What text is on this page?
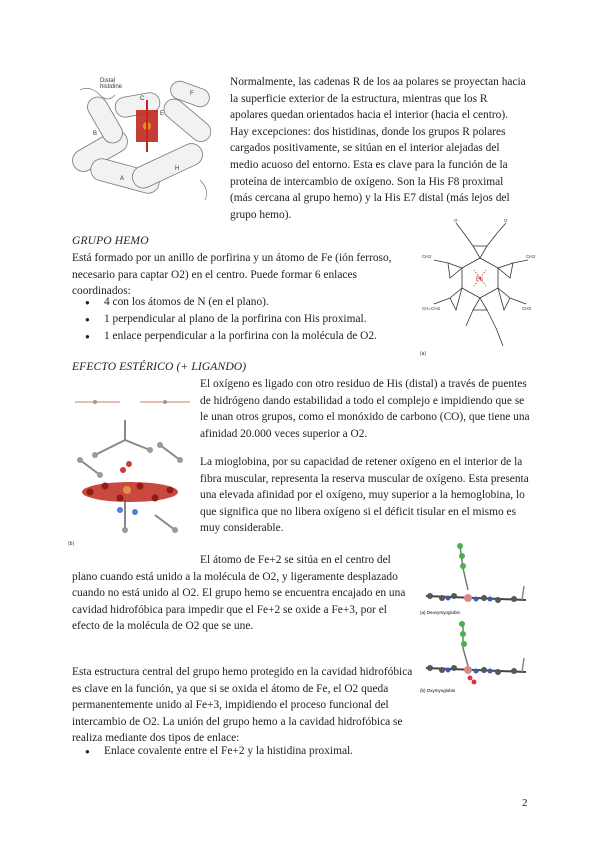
B
A
H
E
F
C
Distal
histidine	Normalmente, las cadenas R de los aa polares se proyectan hacia la superficie exterior de la estructura, mientras que los R apolares quedan orientados hacia el interior (hacia el centro). Hay excepciones: dos histidinas, donde los grupos R polares cargados positivamente, se sitúan en el interior alejadas del medio acuoso del entorno. Esta es clave para la función de la proteína de intercambio de oxígeno. Son la His F8 proximal (más cercana al grupo hemo) y la His E7 distal (más lejos del grupo hemo).

Fe
O	O
CH3
CH3
CH3
CH=CH2
(a)

GRUPO HEMO

Está formado por un anillo de porfirina y un átomo de Fe (ión ferroso, necesario para captar O2) en el centro. Puede formar 6 enlaces coordinados:

● 4 con los átomos de N (en el plano).
● 1 perpendicular al plano de la porfirina con His proximal.
● 1 enlace perpendicular a la porfirina con la molécula de O2.

EFECTO ESTÉRICO (+ LIGANDO)

(b)

El oxígeno es ligado con otro residuo de His (distal) a través de puentes de hidrógeno dando estabilidad a todo el complejo e impidiendo que se le unan otros grupos, como el monóxido de carbono (CO), que tiene una afinidad 20.000 veces superior a O2.

La mioglobina, por su capacidad de retener oxígeno en el interior de la fibra muscular, representa la reserva muscular de oxígeno. Esta presenta una elevada afinidad por el oxígeno, muy superior a la hemoglobina, lo que significa que no libera oxígeno si el déficit tisular en el mismo es muy considerable.

(a) Deoxymyoglobin
(b) Oxymyoglobin

El átomo de Fe+2 se sitúa en el centro del plano cuando está unido a la molécula de O2, y ligeramente desplazado cuando no está unido al O2. El grupo hemo se encuentra encajado en una cavidad hidrofóbica para impedir que el Fe+2 se oxide a Fe+3, por el efecto de la molécula de O2 que se une.

Esta estructura central del grupo hemo protegido en la cavidad hidrofóbica es clave en la función, ya que si se oxida el átomo de Fe, el O2 queda permanentemente unido al Fe+3, impidiendo el proceso funcional del intercambio de O2. La unión del grupo hemo a la cavidad hidrofóbica se realiza mediante dos tipos de enlace:

● Enlace covalente entre el Fe+2 y la histidina proximal.
2
